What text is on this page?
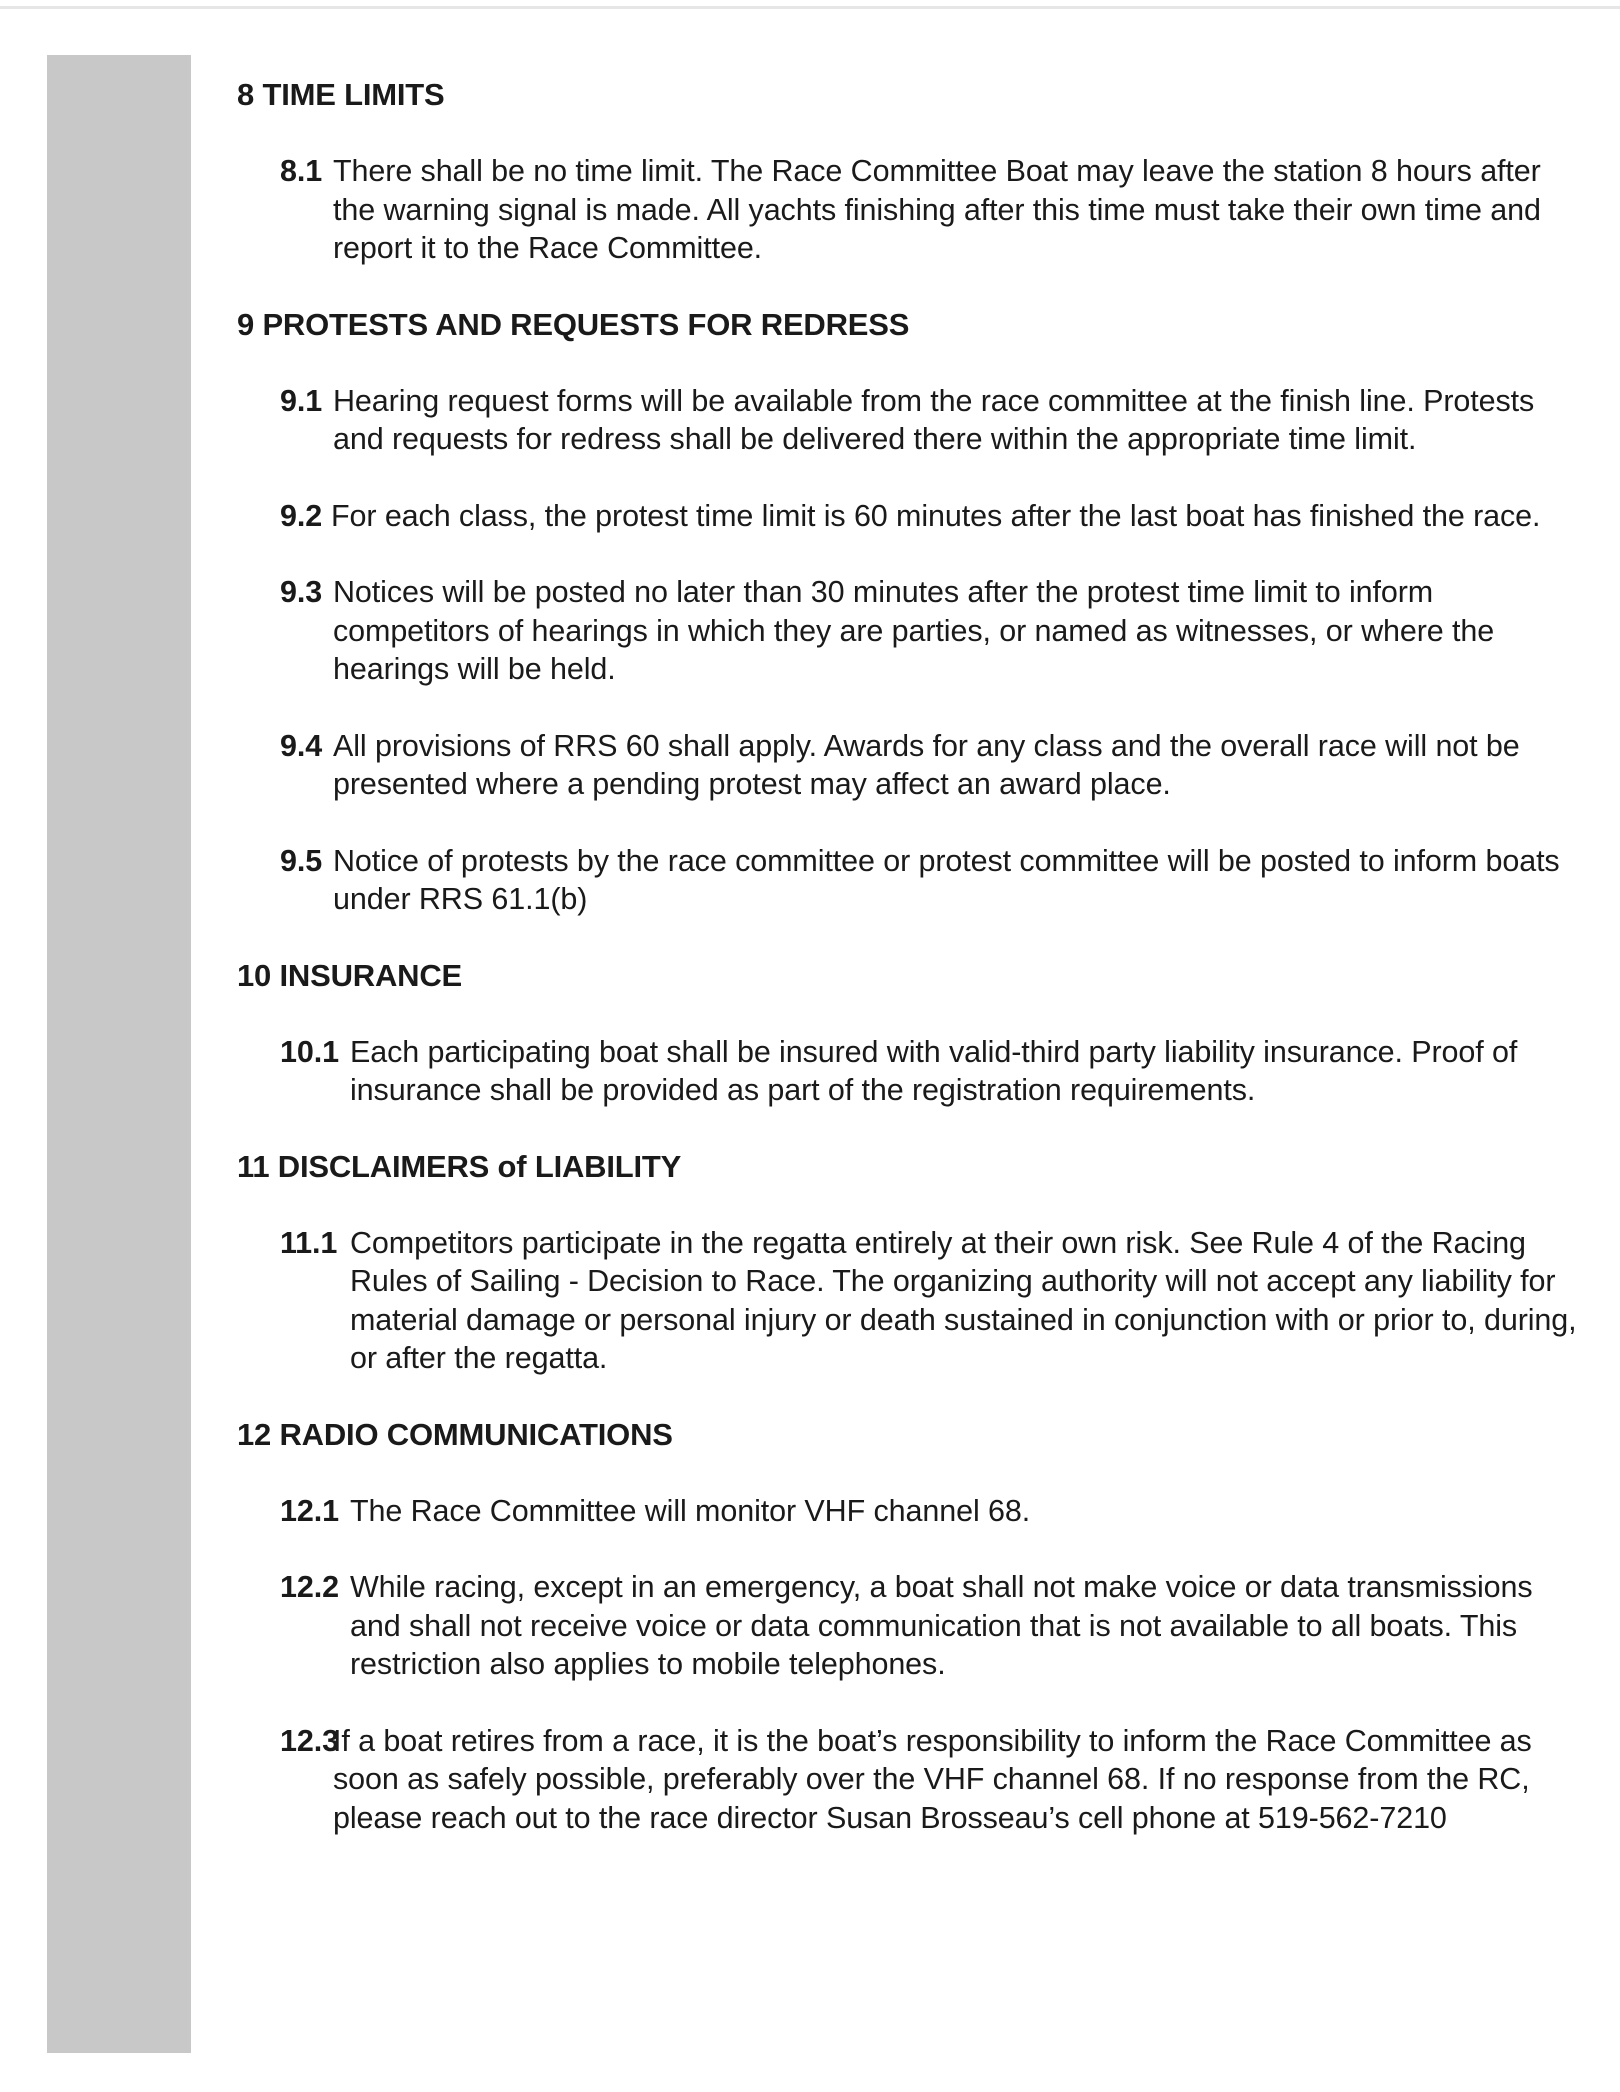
8 TIME LIMITS
8.1 There shall be no time limit. The Race Committee Boat may leave the station 8 hours after the warning signal is made. All yachts finishing after this time must take their own time and report it to the Race Committee.
9 PROTESTS AND REQUESTS FOR REDRESS
9.1 Hearing request forms will be available from the race committee at the finish line. Protests and requests for redress shall be delivered there within the appropriate time limit.
9.2 For each class, the protest time limit is 60 minutes after the last boat has finished the race.
9.3 Notices will be posted no later than 30 minutes after the protest time limit to inform competitors of hearings in which they are parties, or named as witnesses, or where the hearings will be held.
9.4 All provisions of RRS 60 shall apply. Awards for any class and the overall race will not be presented where a pending protest may affect an award place.
9.5 Notice of protests by the race committee or protest committee will be posted to inform boats under RRS 61.1(b)
10 INSURANCE
10.1 Each participating boat shall be insured with valid-third party liability insurance. Proof of insurance shall be provided as part of the registration requirements.
11 DISCLAIMERS of LIABILITY
11.1 Competitors participate in the regatta entirely at their own risk. See Rule 4 of the Racing Rules of Sailing - Decision to Race. The organizing authority will not accept any liability for material damage or personal injury or death sustained in conjunction with or prior to, during, or after the regatta.
12 RADIO COMMUNICATIONS
12.1 The Race Committee will monitor VHF channel 68.
12.2 While racing, except in an emergency, a boat shall not make voice or data transmissions and shall not receive voice or data communication that is not available to all boats. This restriction also applies to mobile telephones.
12.3
If a boat retires from a race, it is the boat’s responsibility to inform the Race Committee as soon as safely possible, preferably over the VHF channel 68. If no response from the RC, please reach out to the race director Susan Brosseau’s cell phone at 519-562-7210
